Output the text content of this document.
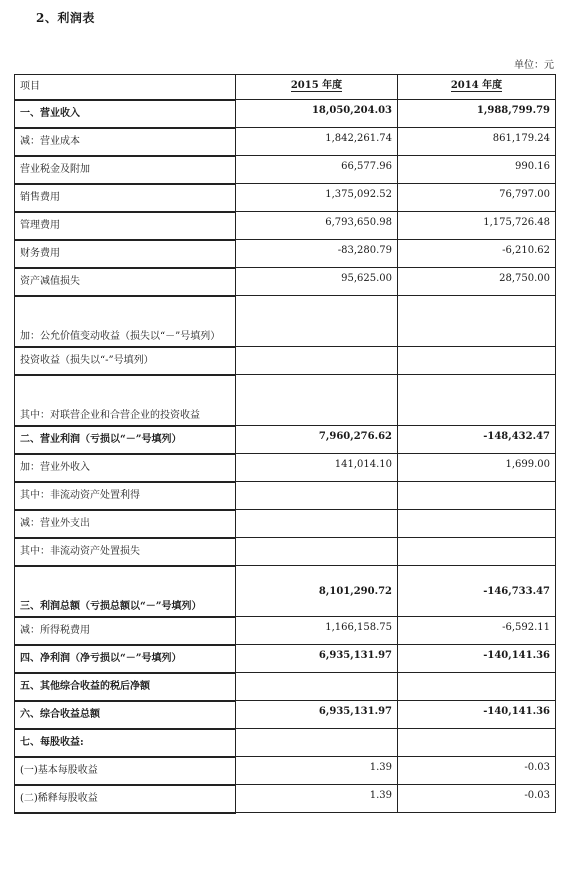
2、利润表
单位：元
项目	2015 年度	2014 年度
一、营业收入	18,050,204.03	1,988,799.79
减：营业成本	1,842,261.74	861,179.24
营业税金及附加	66,577.96	990.16
销售费用	1,375,092.52	76,797.00
管理费用	6,793,650.98	1,175,726.48
财务费用	-83,280.79	-6,210.62
资产减值损失	95,625.00	28,750.00
加：公允价值变动收益（损失以“－”号填列）		
投资收益（损失以“-”号填列）		
其中：对联营企业和合营企业的投资收益		
二、营业利润（亏损以“－”号填列）	7,960,276.62	-148,432.47
加：营业外收入	141,014.10	1,699.00
其中：非流动资产处置利得		
减：营业外支出		
其中：非流动资产处置损失		
三、利润总额（亏损总额以“－”号填列）	8,101,290.72	-146,733.47
减：所得税费用	1,166,158.75	-6,592.11
四、净利润（净亏损以“－”号填列）	6,935,131.97	-140,141.36
五、其他综合收益的税后净额		
六、综合收益总额	6,935,131.97	-140,141.36
七、每股收益:		
(一)基本每股收益	1.39	-0.03
(二)稀释每股收益	1.39	-0.03
